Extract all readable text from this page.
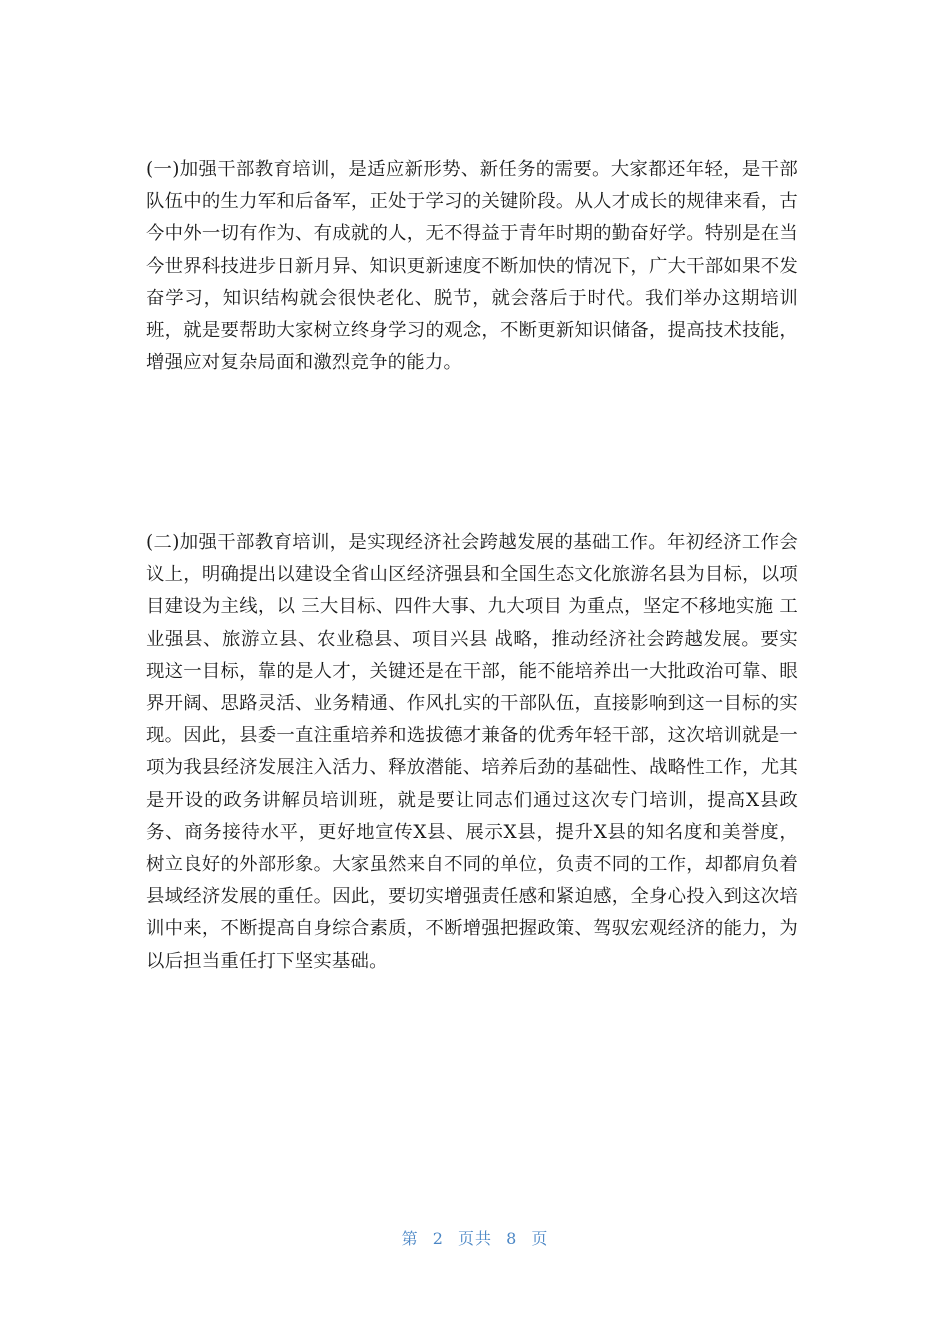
(一)加强干部教育培训，是适应新形势、新任务的需要。大家都还年轻，是干部队伍中的生力军和后备军，正处于学习的关键阶段。从人才成长的规律来看，古今中外一切有作为、有成就的人，无不得益于青年时期的勤奋好学。特别是在当今世界科技进步日新月异、知识更新速度不断加快的情况下，广大干部如果不发奋学习，知识结构就会很快老化、脱节，就会落后于时代。我们举办这期培训班，就是要帮助大家树立终身学习的观念，不断更新知识储备，提高技术技能，增强应对复杂局面和激烈竞争的能力。

(二)加强干部教育培训，是实现经济社会跨越发展的基础工作。年初经济工作会议上，明确提出以建设全省山区经济强县和全国生态文化旅游名县为目标，以项目建设为主线，以 三大目标、四件大事、九大项目 为重点，坚定不移地实施 工业强县、旅游立县、农业稳县、项目兴县 战略，推动经济社会跨越发展。要实现这一目标，靠的是人才，关键还是在干部，能不能培养出一大批政治可靠、眼界开阔、思路灵活、业务精通、作风扎实的干部队伍，直接影响到这一目标的实现。因此，县委一直注重培养和选拔德才兼备的优秀年轻干部，这次培训就是一项为我县经济发展注入活力、释放潜能、培养后劲的基础性、战略性工作，尤其是开设的政务讲解员培训班，就是要让同志们通过这次专门培训，提高X县政务、商务接待水平，更好地宣传X县、展示X县，提升X县的知名度和美誉度，树立良好的外部形象。大家虽然来自不同的单位，负责不同的工作，却都肩负着县域经济发展的重任。因此，要切实增强责任感和紧迫感，全身心投入到这次培训中来，不断提高自身综合素质，不断增强把握政策、驾驭宏观经济的能力，为以后担当重任打下坚实基础。

第 2 页共 8 页
